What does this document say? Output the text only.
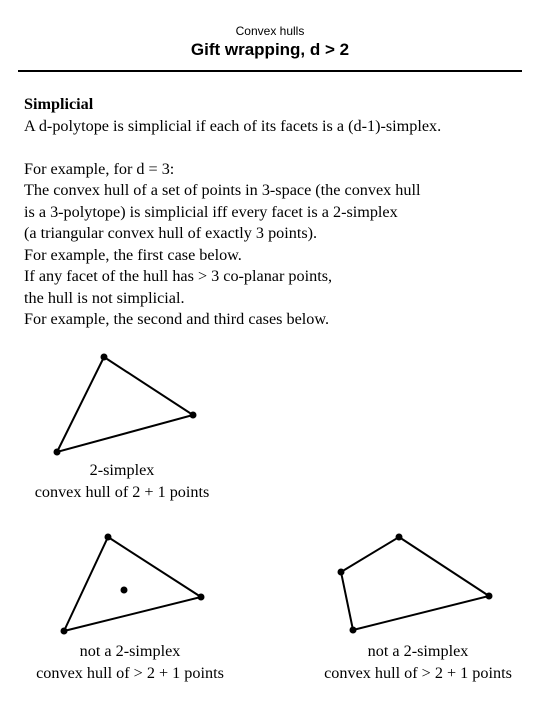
Convex hulls
Gift wrapping, d > 2
Simplicial
A d-polytope is simplicial if each of its facets is a (d-1)-simplex.
For example, for d = 3:
The convex hull of a set of points in 3-space (the convex hull
is a 3-polytope) is simplicial iff every facet is a 2-simplex
(a triangular convex hull of exactly 3 points).
For example, the first case below.
If any facet of the hull has > 3 co-planar points,
the hull is not simplicial.
For example, the second and third cases below.
2-simplex
convex hull of 2 + 1 points
not a 2-simplex
convex hull of > 2 + 1 points
not a 2-simplex
convex hull of > 2 + 1 points
